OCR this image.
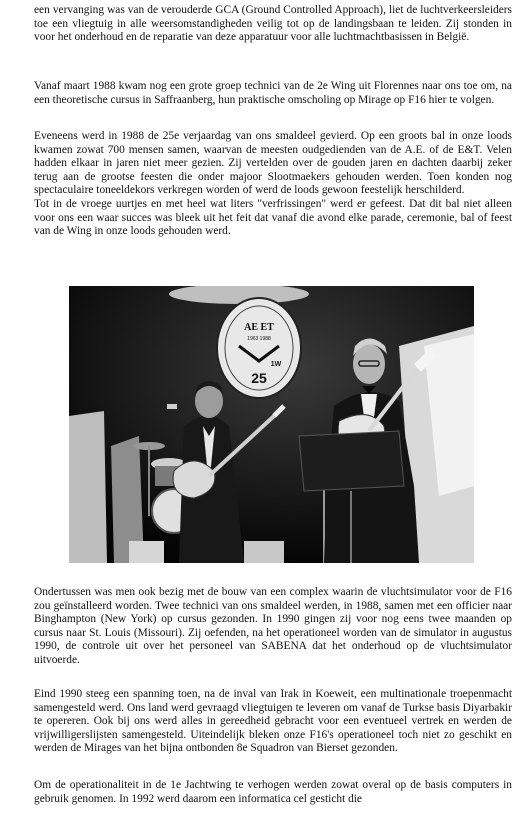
een vervanging was van de verouderde GCA (Ground Controlled Approach), liet de luchtverkeersleiders toe een vliegtuig in alle weersomstandigheden veilig tot op de landingsbaan te leiden. Zij stonden in voor het onderhoud en de reparatie van deze apparatuur voor alle luchtmachtbasissen in België.

Vanaf maart 1988 kwam nog een grote groep technici van de 2e Wing uit Florennes naar ons toe om, na een theoretische cursus in Saffraanberg, hun praktische omscholing op Mirage op F16 hier te volgen.

Eveneens werd in 1988 de 25e verjaardag van ons smaldeel gevierd. Op een groots bal in onze loods kwamen zowat 700 mensen samen, waarvan de meesten oudgedienden van de A.E. of de E&T. Velen hadden elkaar in jaren niet meer gezien. Zij vertelden over de gouden jaren en dachten daarbij zeker terug aan de grootse feesten die onder majoor Slootmaekers gehouden werden. Toen konden nog spectaculaire toneeldekors verkregen worden of werd de loods gewoon feestelijk herschilderd.
Tot in de vroege uurtjes en met heel wat liters "verfrissingen" werd er gefeest. Dat dit bal niet alleen voor ons een waar succes was bleek uit het feit dat vanaf die avond elke parade, ceremonie, bal of feest van de Wing in onze loods gehouden werd.

AE ET
1963 1988
1W
25

Ondertussen was men ook bezig met de bouw van een complex waarin de vluchtsimulator voor de F16 zou geïnstalleerd worden. Twee technici van ons smaldeel werden, in 1988, samen met een officier naar Binghampton (New York) op cursus gezonden. In 1990 gingen zij voor nog eens twee maanden op cursus naar St. Louis (Missouri). Zij oefenden, na het operationeel worden van de simulator in augustus 1990, de controle uit over het personeel van SABENA dat het onderhoud op de vluchtsimulator uitvoerde.

Eind 1990 steeg een spanning toen, na de inval van Irak in Koeweit, een multinationale troepenmacht samengesteld werd. Ons land werd gevraagd vliegtuigen te leveren om vanaf de Turkse basis Diyarbakir te opereren. Ook bij ons werd alles in gereedheid gebracht voor een eventueel vertrek en werden de vrijwilligerslijsten samengesteld. Uiteindelijk bleken onze F16's operationeel toch niet zo geschikt en werden de Mirages van het bijna ontbonden 8e Squadron van Bierset gezonden.

Om de operationaliteit in de 1e Jachtwing te verhogen werden zowat overal op de basis computers in gebruik genomen. In 1992 werd daarom een informatica cel gesticht die
